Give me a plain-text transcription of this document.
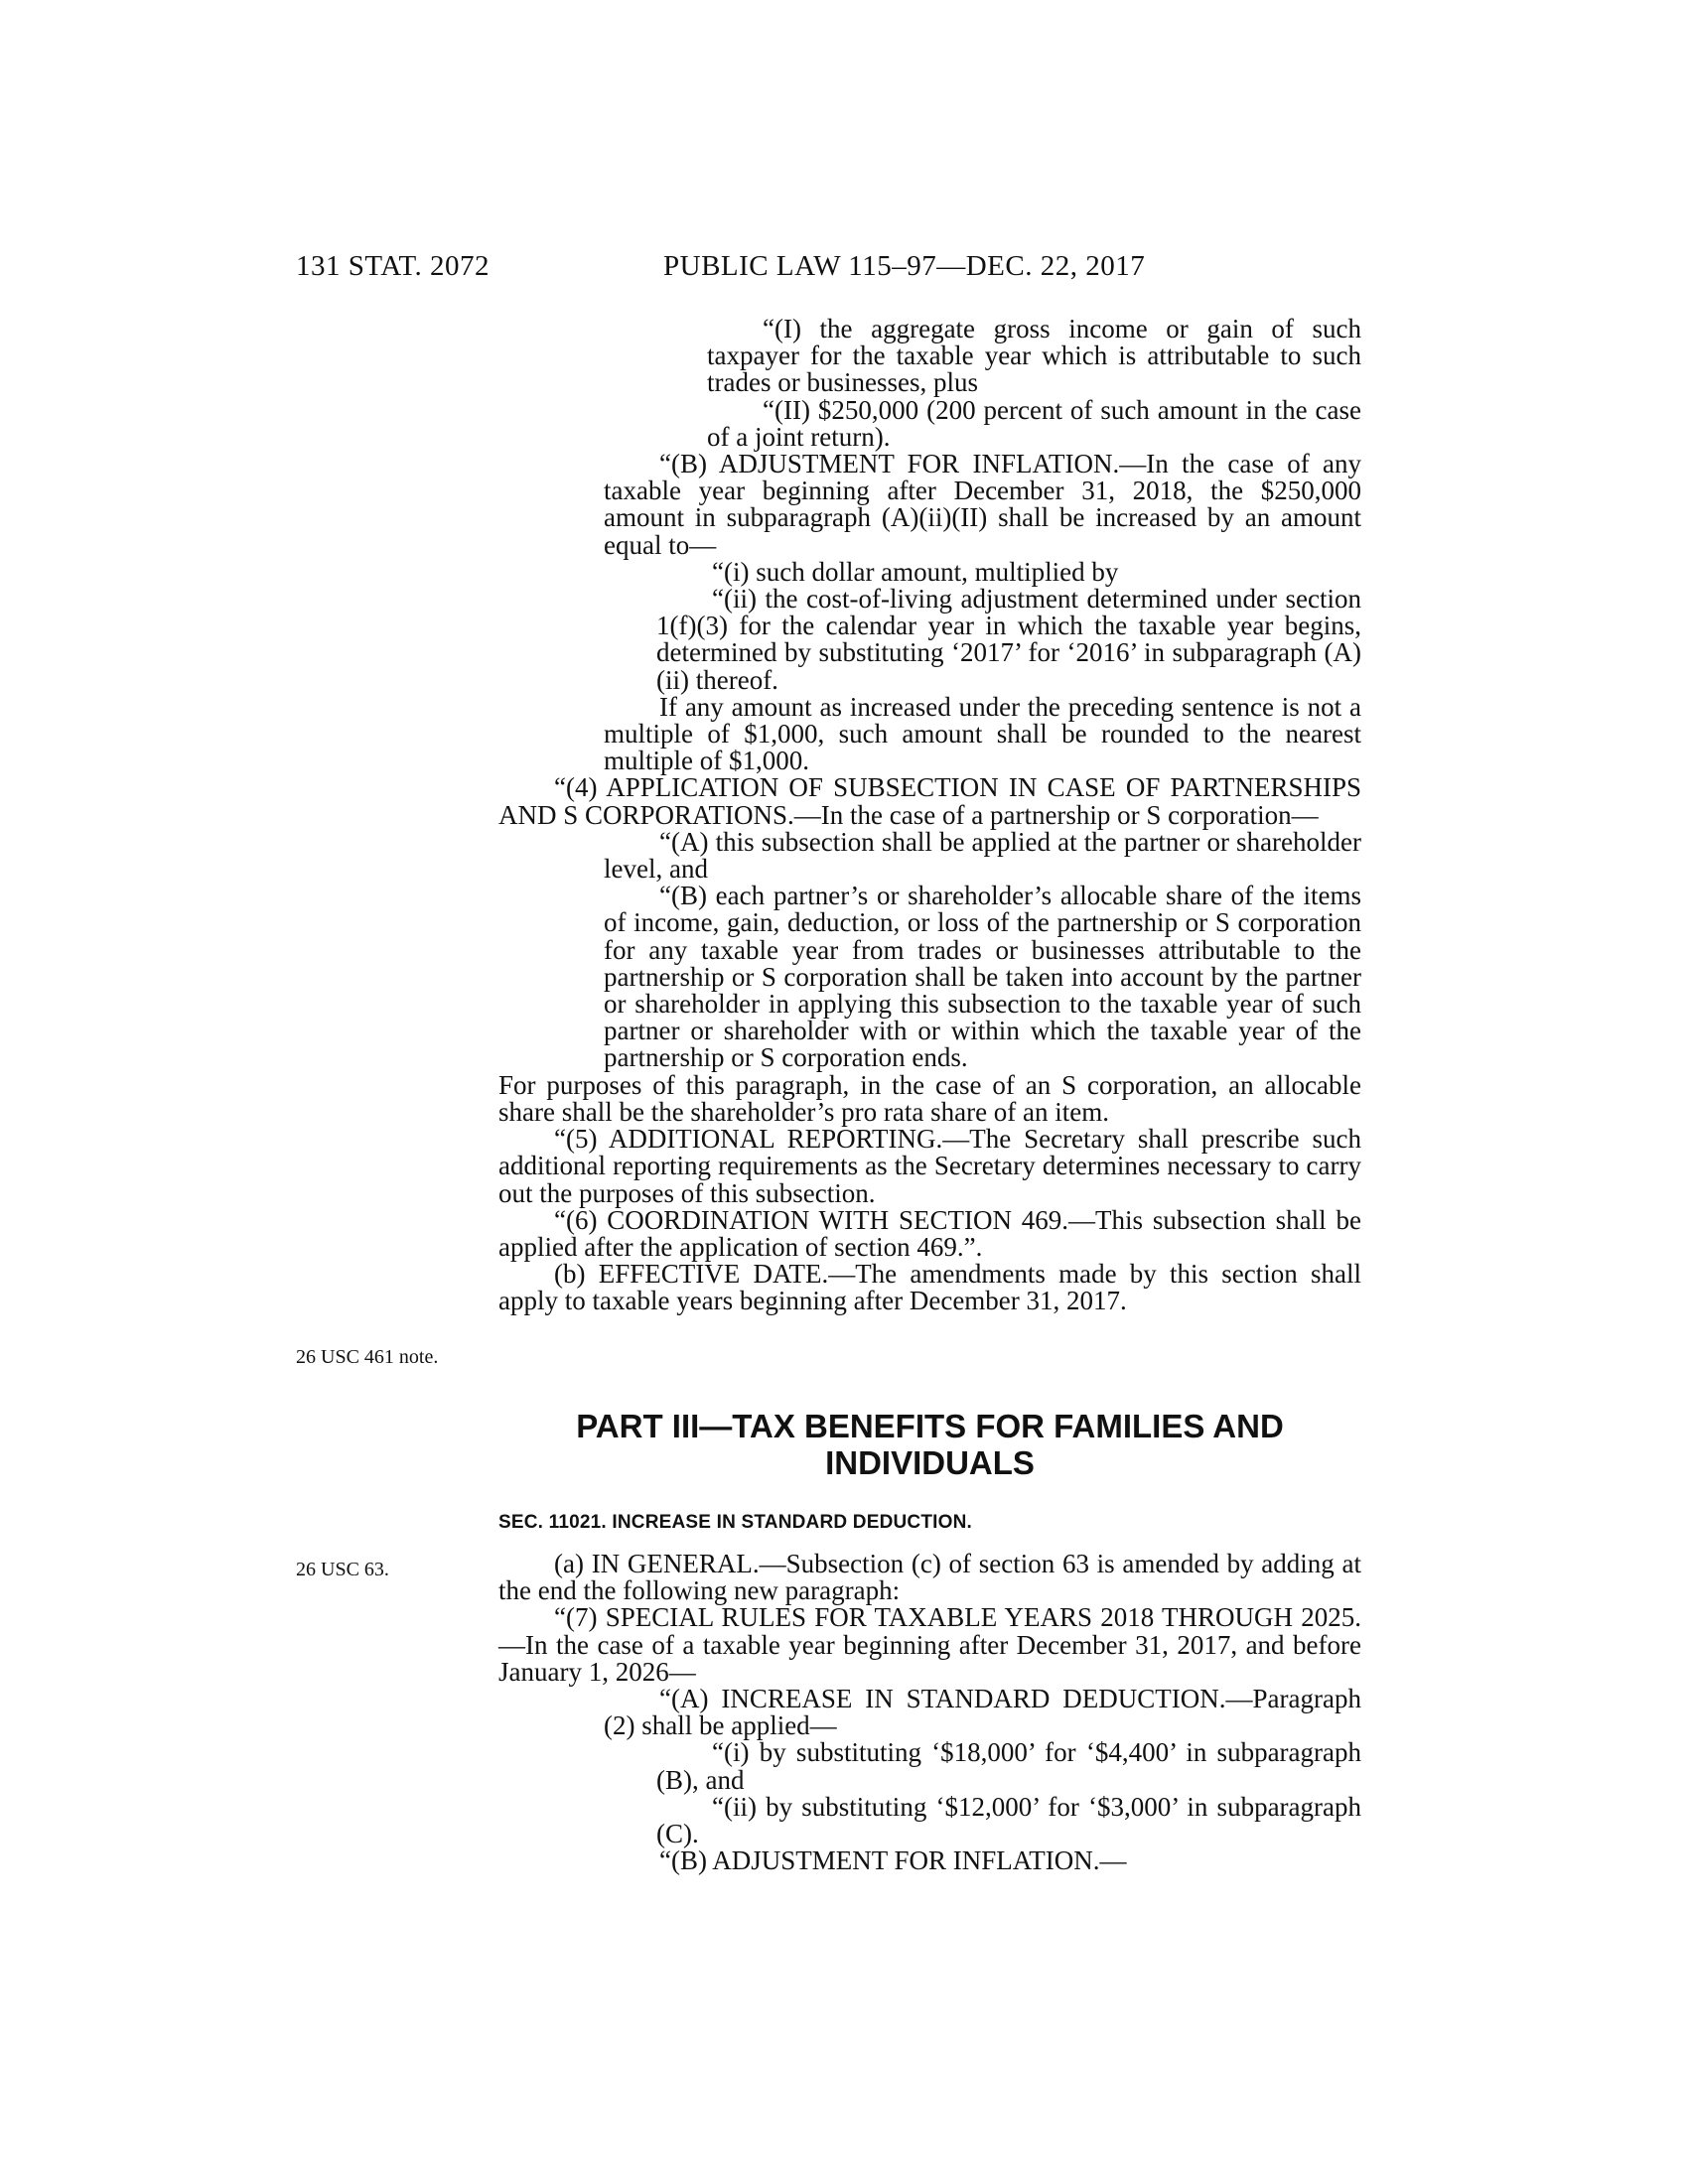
131 STAT. 2072	PUBLIC LAW 115–97—DEC. 22, 2017

“(I) the aggregate gross income or gain of such taxpayer for the taxable year which is attributable to such trades or businesses, plus

“(II) $250,000 (200 percent of such amount in the case of a joint return).

“(B) ADJUSTMENT FOR INFLATION.—In the case of any taxable year beginning after December 31, 2018, the $250,000 amount in subparagraph (A)(ii)(II) shall be increased by an amount equal to—

“(i) such dollar amount, multiplied by

“(ii) the cost-of-living adjustment determined under section 1(f)(3) for the calendar year in which the taxable year begins, determined by substituting ‘2017’ for ‘2016’ in subparagraph (A)(ii) thereof.

If any amount as increased under the preceding sentence is not a multiple of $1,000, such amount shall be rounded to the nearest multiple of $1,000.

“(4) APPLICATION OF SUBSECTION IN CASE OF PARTNERSHIPS AND S CORPORATIONS.—In the case of a partnership or S corporation—

“(A) this subsection shall be applied at the partner or shareholder level, and

“(B) each partner’s or shareholder’s allocable share of the items of income, gain, deduction, or loss of the partnership or S corporation for any taxable year from trades or businesses attributable to the partnership or S corporation shall be taken into account by the partner or shareholder in applying this subsection to the taxable year of such partner or shareholder with or within which the taxable year of the partnership or S corporation ends.

For purposes of this paragraph, in the case of an S corporation, an allocable share shall be the shareholder’s pro rata share of an item.

“(5) ADDITIONAL REPORTING.—The Secretary shall prescribe such additional reporting requirements as the Secretary determines necessary to carry out the purposes of this subsection.

“(6) COORDINATION WITH SECTION 469.—This subsection shall be applied after the application of section 469.”.

(b) EFFECTIVE DATE.—The amendments made by this section shall apply to taxable years beginning after December 31, 2017.

26 USC 461 note.
PART III—TAX BENEFITS FOR FAMILIES AND
INDIVIDUALS
SEC. 11021. INCREASE IN STANDARD DEDUCTION.
26 USC 63.	(a) IN GENERAL.—Subsection (c) of section 63 is amended by adding at the end the following new paragraph:

“(7) SPECIAL RULES FOR TAXABLE YEARS 2018 THROUGH 2025.—In the case of a taxable year beginning after December 31, 2017, and before January 1, 2026—

“(A) INCREASE IN STANDARD DEDUCTION.—Paragraph (2) shall be applied—

“(i) by substituting ‘$18,000’ for ‘$4,400’ in subparagraph (B), and

“(ii) by substituting ‘$12,000’ for ‘$3,000’ in subparagraph (C).

“(B) ADJUSTMENT FOR INFLATION.—
